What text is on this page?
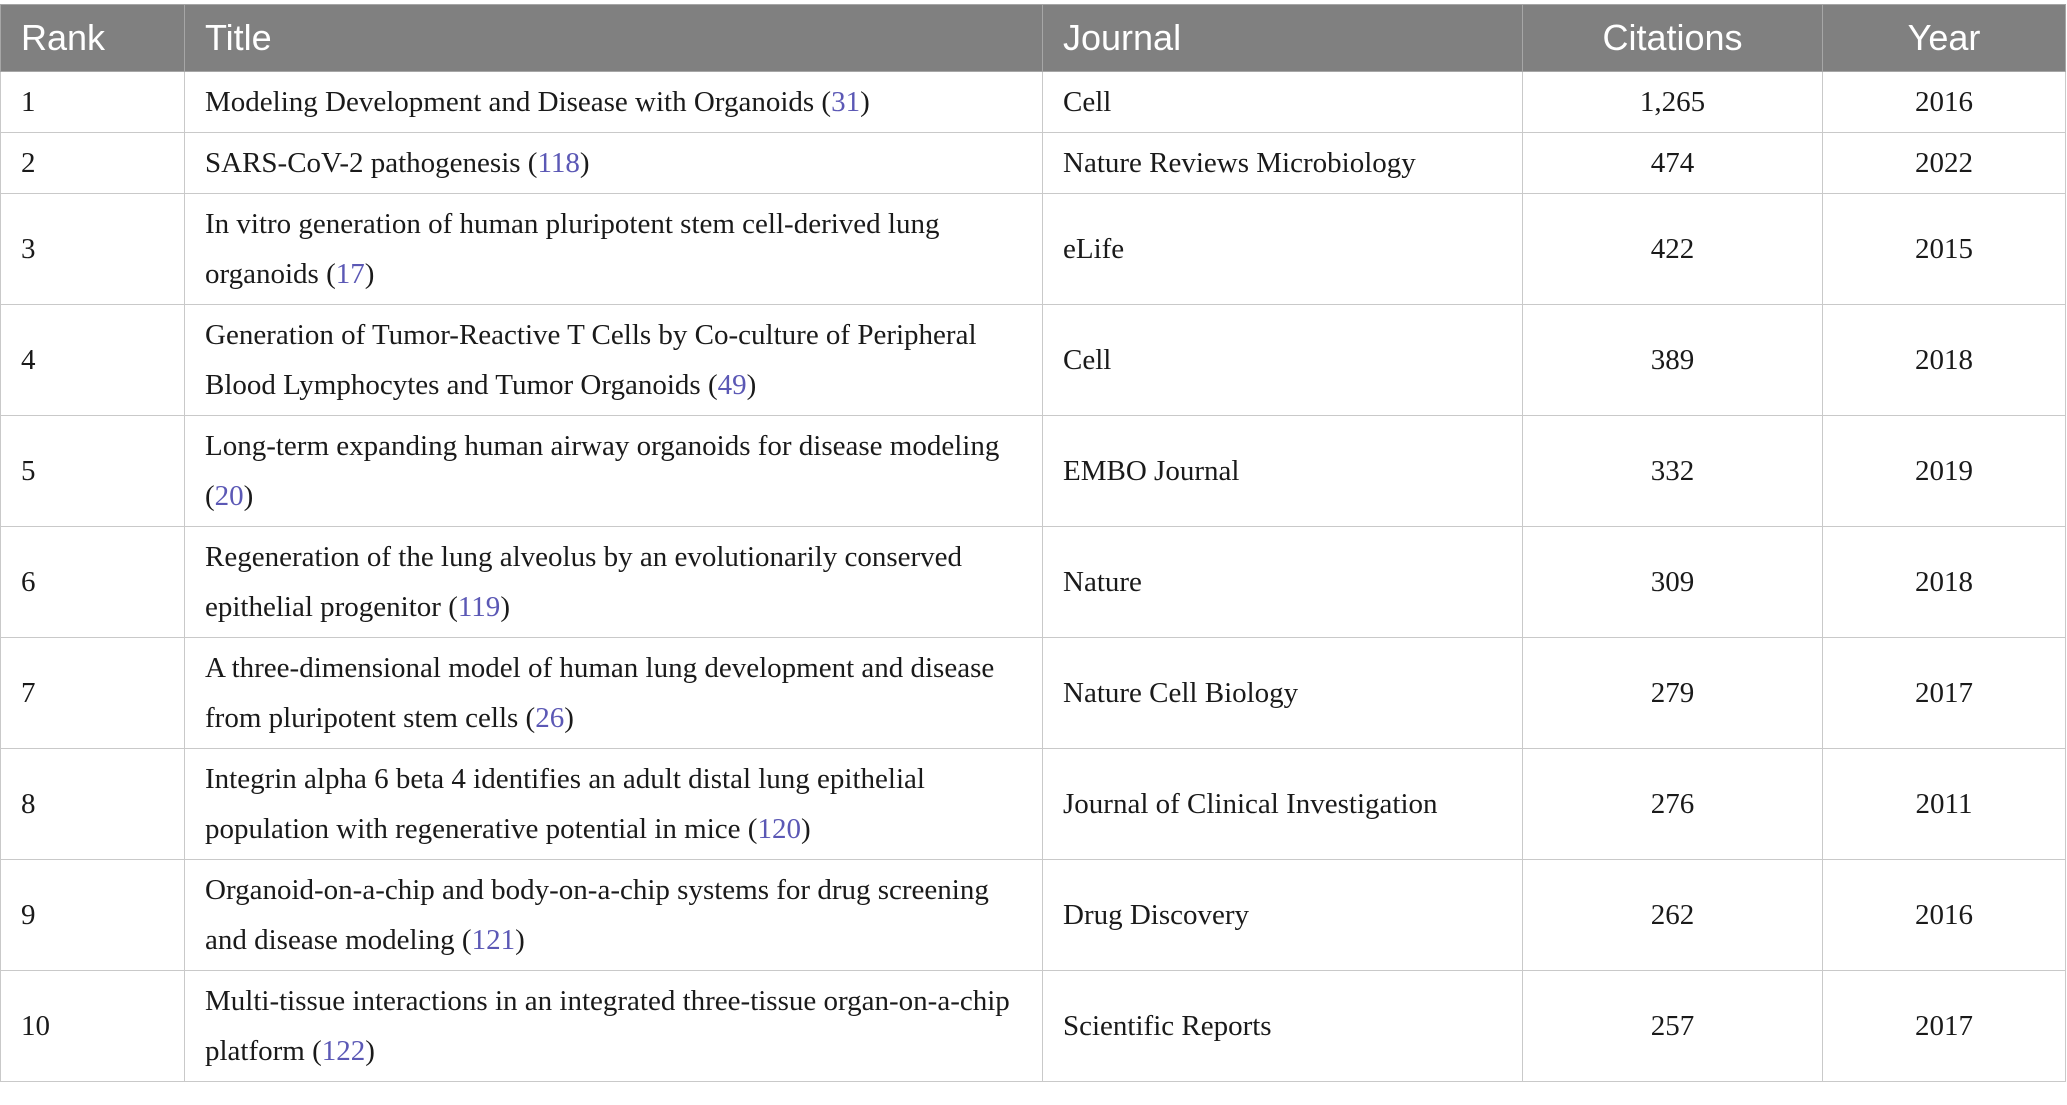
Rank	Title	Journal	Citations	Year
1	Modeling Development and Disease with Organoids (31)	Cell	1,265	2016
2	SARS-CoV-2 pathogenesis (118)	Nature Reviews Microbiology	474	2022
3	In vitro generation of human pluripotent stem cell-derived lung organoids (17)	eLife	422	2015
4	Generation of Tumor-Reactive T Cells by Co-culture of Peripheral Blood Lymphocytes and Tumor Organoids (49)	Cell	389	2018
5	Long-term expanding human airway organoids for disease modeling (20)	EMBO Journal	332	2019
6	Regeneration of the lung alveolus by an evolutionarily conserved epithelial progenitor (119)	Nature	309	2018
7	A three-dimensional model of human lung development and disease from pluripotent stem cells (26)	Nature Cell Biology	279	2017
8	Integrin alpha 6 beta 4 identifies an adult distal lung epithelial population with regenerative potential in mice (120)	Journal of Clinical Investigation	276	2011
9	Organoid-on-a-chip and body-on-a-chip systems for drug screening and disease modeling (121)	Drug Discovery	262	2016
10	Multi-tissue interactions in an integrated three-tissue organ-on-a-chip platform (122)	Scientific Reports	257	2017
